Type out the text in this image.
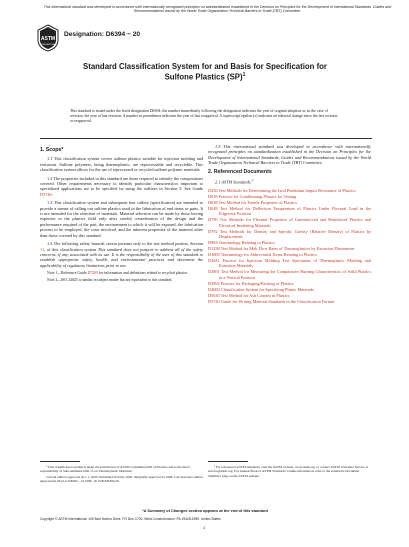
This international standard was developed in accordance with internationally recognized principles on standardization established in the Decision on Principles for the Development of International Standards, Guides and Recommendations issued by the World Trade Organization Technical Barriers to Trade (TBT) Committee.
ASTM
INTERNATIONAL
Designation: D6394 − 20
Standard Classification System for and Basis for Specification for
Sulfone Plastics (SP)$^1$
This standard is issued under the fixed designation D6394; the number immediately following the designation indicates the year of original adoption or, in the case of revision, the year of last revision. A number in parentheses indicates the year of last reapproval. A superscript epsilon (ε) indicates an editorial change since the last revision or reapproval.
1. Scope*

1.1 This classification system covers sulfone plastics suitable for injection molding and extrusion. Sulfone polymers, being thermoplastic, are reprocessable and recyclable. This classification system allows for the use of reprocessed or recycled sulfone polymer materials.

1.2 The properties included in this standard are those required to identify the compositions covered. Other requirements necessary to identify particular characteristics important to specialized applications are to be specified by using the suffixes in Section 5. See Guide D5740.

1.3 This classification system and subsequent line callout (specification) are intended to provide a means of calling out sulfone plastics used in the fabrication of end items or parts. It is not intended for the selection of materials. Material selection can be made by those having expertise in the plastics field only after careful consideration of the design and the performance required of the part, the environment to which it will be exposed, the fabrication process to be employed, the costs involved, and the inherent properties of the material other than those covered by this standard.

1.4 The following safety hazards caveat pertains only to the test method portion, Section 11, of this classification system This standard does not purport to address all of the safety concerns, if any, associated with its use. It is the responsibility of the user of this standard to establish appropriate safety, health, and environmental practices and determine the applicability of regulatory limitations prior to use.

Note 1—Reference Guide D7209 for information and definitions related to recycled plastics.
Note 2—ISO 24025 is similar in subject matter but not equivalent to this standard.

1.5 This international standard was developed in accordance with internationally recognized principles on standardization established in the Decision on Principles for the Development of International Standards, Guides and Recommendations issued by the World Trade Organization Technical Barriers to Trade (TBT) Committee.

2. Referenced Documents

2.1 ASTM Standards:$^2$

D256 Test Methods for Determining the Izod Pendulum Impact Resistance of Plastics
D618 Practice for Conditioning Plastics for Testing
D638 Test Method for Tensile Properties of Plastics
D648 Test Method for Deflection Temperature of Plastics Under Flexural Load in the Edgewise Position
D790 Test Methods for Flexural Properties of Unreinforced and Reinforced Plastics and Electrical Insulating Materials
D792 Test Methods for Density and Specific Gravity (Relative Density) of Plastics by Displacement
D883 Terminology Relating to Plastics
D1238 Test Method for Melt Flow Rates of Thermoplastics by Extrusion Plastometer
D1600 Terminology for Abbreviated Terms Relating to Plastics
D3641 Practice for Injection Molding Test Specimens of Thermoplastic Molding and Extrusion Materials
D3801 Test Method for Measuring the Comparative Burning Characteristics of Solid Plastics in a Vertical Position
D3892 Practice for Packaging/Packing of Plastics
D4000 Classification System for Specifying Plastic Materials
D5630 Test Method for Ash Content in Plastics
D5740 Guide for Writing Material Standards in the Classification Format

¹ This classification system is under the jurisdiction of ASTM Committee D20 on Plastics and is the direct responsibility of Subcommittee D20.15 on Thermoplastic Materials.

Current edition approved Oct. 1, 2020. Published October 2020. Originally approved in 1999. Last previous edition approved in 2014 as D6394 - 14. DOI: 10.1520/D6394-20.

² For referenced ASTM standards, visit the ASTM website, www.astm.org, or contact ASTM Customer Service at service@astm.org. For Annual Book of ASTM Standards volume information, refer to the standard's Document Summary page on the ASTM website.

*A Summary of Changes section appears at the end of this standard
Copyright © ASTM International, 100 Barr Harbor Drive, PO Box C700, West Conshohocken, PA 19428-2959. United States
1
